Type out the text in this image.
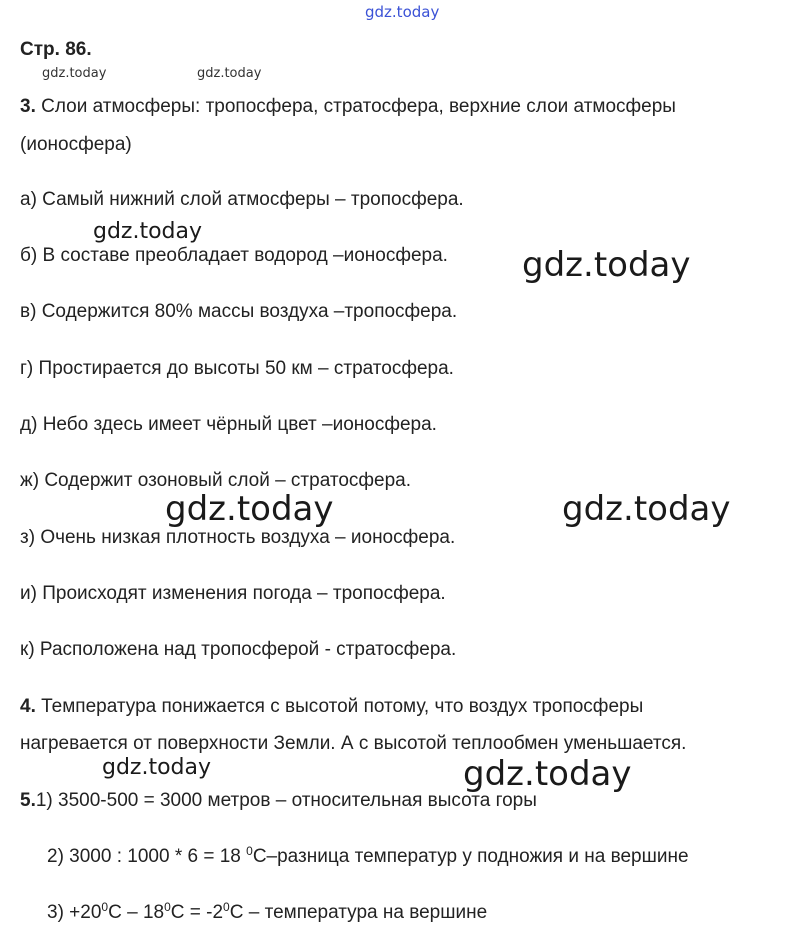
gdz.today
gdz.today	gdz.today
gdz.today
gdz.today
gdz.today	gdz.today
gdz.today	gdz.today
Стр. 86.
3. Слои атмосферы: тропосфера, стратосфера, верхние слои атмосферы
(ионосфера)
а) Самый нижний слой атмосферы – тропосфера.
б) В составе преобладает водород –ионосфера.
в) Содержится 80% массы воздуха –тропосфера.
г) Простирается до высоты 50 км – стратосфера.
д) Небо здесь имеет чёрный цвет –ионосфера.
ж) Содержит озоновый слой – стратосфера.
з) Очень низкая плотность воздуха – ионосфера.
и) Происходят изменения погода – тропосфера.
к) Расположена над тропосферой - стратосфера.
4. Температура понижается с высотой потому, что воздух тропосферы
нагревается от поверхности Земли. А с высотой теплообмен уменьшается.
5.1) 3500-500 = 3000 метров – относительная высота горы
2) 3000 : 1000 * 6 = 18 $^0$С–разница температур у подножия и на вершине
$3) +20^0С - 18^0С = -2^0С$ – температура на вершине
